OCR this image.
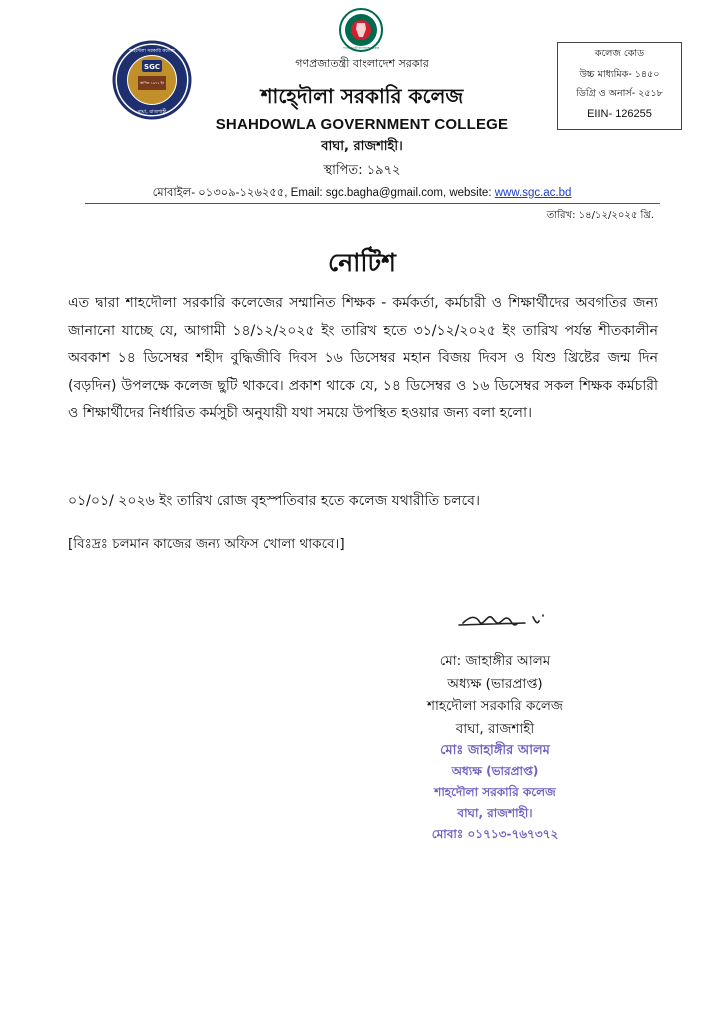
গণপ্রজাতন্ত্রী বাংলাদেশ সরকার
SGC
শাহদৌলা সরকারি কলেজ
স্থাপিত ১৯৭২ ইং
বাঘা, রাজশাহী
গণপ্রজাতন্ত্রী বাংলাদেশ সরকার
শাহ্দৌলা সরকারি কলেজ
SHAHDOWLA GOVERNMENT COLLEGE
বাঘা, রাজশাহী।
স্থাপিত: ১৯৭২
মোবাইল- ০১৩০৯-১২৬২৫৫, Email: sgc.bagha@gmail.com, website: www.sgc.ac.bd
তারিখ: ১৪/১২/২০২৫ খ্রি.
কলেজ কোড
উচ্চ মাধ্যমিক- ১৪৫০
ডিগ্রি ও অনার্স- ২৫১৮
EIIN- 126255
নোটিশ
এত দ্বারা শাহদৌলা সরকারি কলেজের সম্মানিত শিক্ষক - কর্মকর্তা, কর্মচারী ও শিক্ষার্থীদের অবগতির জন্য জানানো যাচ্ছে যে, আগামী ১৪/১২/২০২৫ ইং তারিখ হতে ৩১/১২/২০২৫ ইং তারিখ পর্যন্ত শীতকালীন অবকাশ ১৪ ডিসেম্বর শহীদ বুদ্ধিজীবি দিবস ১৬ ডিসেম্বর মহান বিজয় দিবস ও যিশু খ্রিষ্টের জন্ম দিন (বড়দিন) উপলক্ষে কলেজ ছুটি থাকবে। প্রকাশ থাকে যে, ১৪ ডিসেম্বর ও ১৬ ডিসেম্বর সকল শিক্ষক কর্মচারী ও শিক্ষার্থীদের নির্ধারিত কর্মসুচী অনুযায়ী যথা সময়ে উপস্থিত হওয়ার জন্য বলা হলো।
০১/০১/ ২০২৬ ইং তারিখ রোজ বৃহস্পতিবার হতে কলেজ যথারীতি চলবে।
[বিঃদ্রঃ চলমান কাজের জন্য অফিস খোলা থাকবে।]
মো: জাহাঙ্গীর আলম
অধ্যক্ষ (ভারপ্রাপ্ত)
শাহদৌলা সরকারি কলেজ
বাঘা, রাজশাহী
মোঃ জাহাঙ্গীর আলম
অধ্যক্ষ (ভারপ্রাপ্ত)
শাহদৌলা সরকারি কলেজ
বাঘা, রাজশাহী।
মোবাঃ ০১৭১৩-৭৬৭৩৭২
